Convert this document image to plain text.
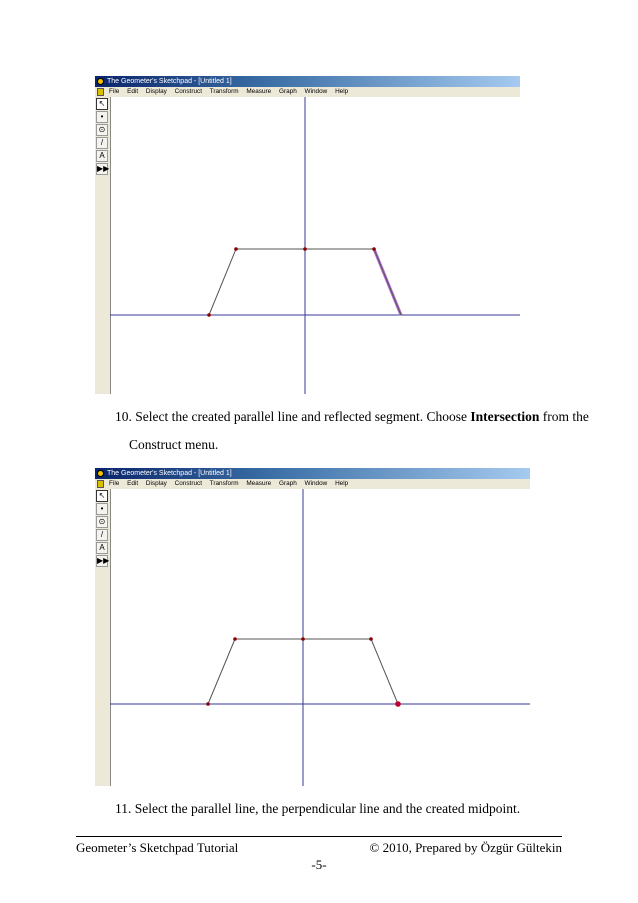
The Geometer's Sketchpad - [Untitled 1]
File Edit Display Construct Transform Measure Graph Window Help
↖
•
⊙
/
A
▶▶
10. Select the created parallel line and reflected segment. Choose Intersection from the
Construct menu.
The Geometer's Sketchpad - [Untitled 1]
File Edit Display Construct Transform Measure Graph Window Help
↖
•
⊙
/
A
▶▶
11. Select the parallel line, the perpendicular line and the created midpoint.
Geometer’s Sketchpad Tutorial	© 2010, Prepared by Özgür Gültekin
-5-
